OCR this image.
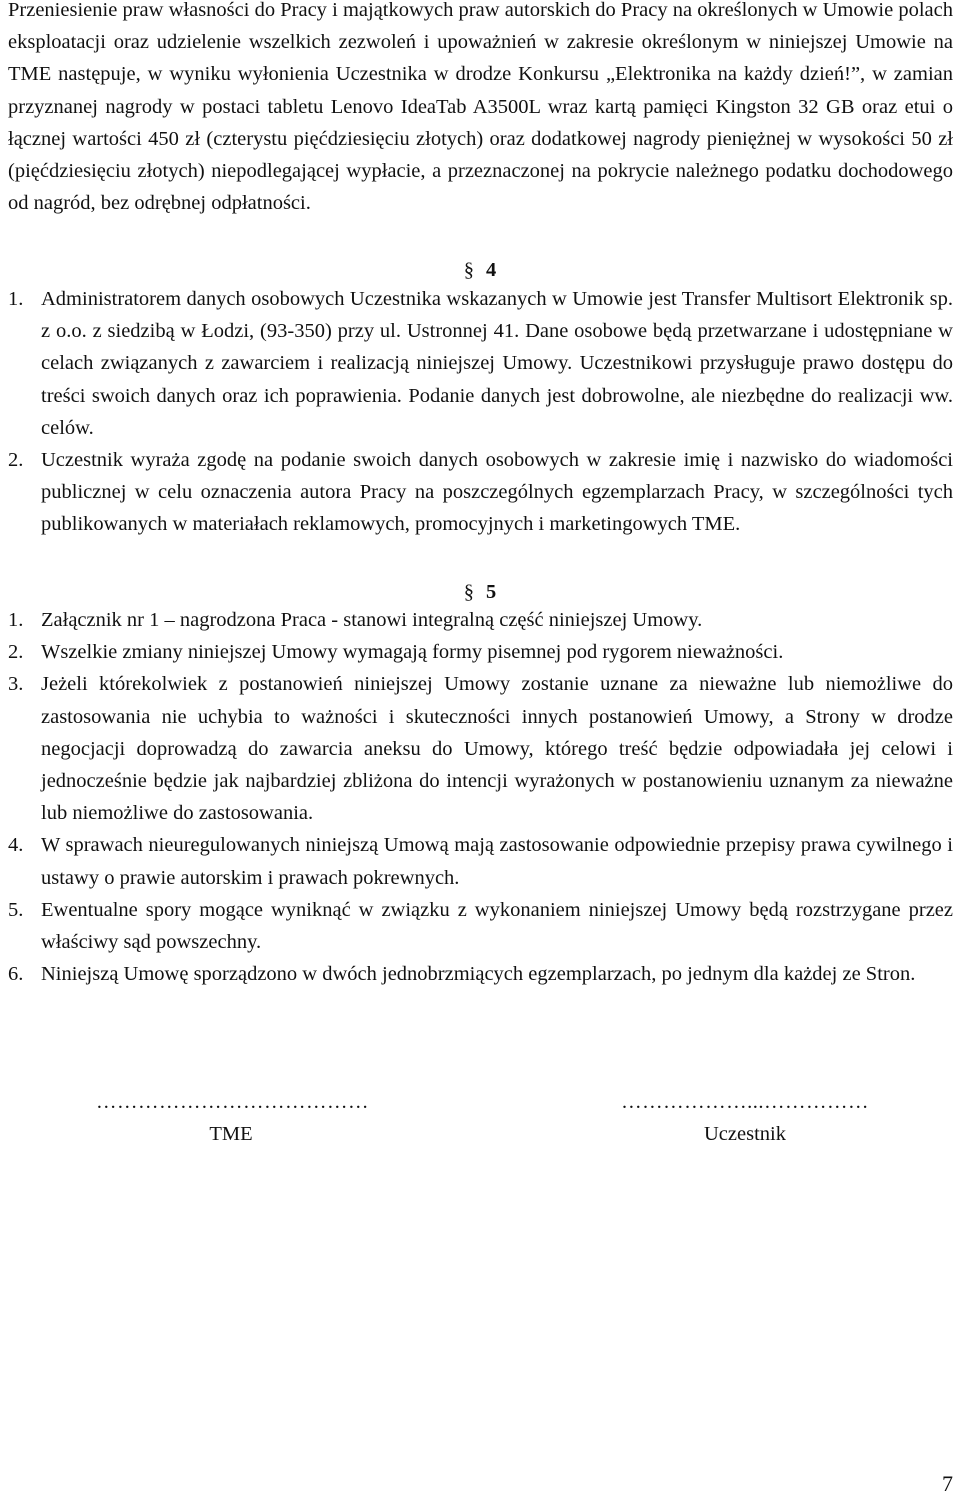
Przeniesienie praw własności do Pracy i majątkowych praw autorskich do Pracy na określonych w Umowie polach eksploatacji oraz udzielenie wszelkich zezwoleń i upoważnień w zakresie określonym w niniejszej Umowie na TME następuje, w wyniku wyłonienia Uczestnika w drodze Konkursu „Elektronika na każdy dzień!”, w zamian przyznanej nagrody w postaci tabletu Lenovo IdeaTab A3500L wraz kartą pamięci Kingston 32 GB oraz etui o łącznej wartości 450 zł (czterystu pięćdziesięciu złotych) oraz dodatkowej nagrody pieniężnej w wysokości 50 zł (pięćdziesięciu złotych) niepodlegającej wypłacie, a przeznaczonej na pokrycie należnego podatku dochodowego od nagród, bez odrębnej odpłatności.

§ 4
1. Administratorem danych osobowych Uczestnika wskazanych w Umowie jest Transfer Multisort Elektronik sp. z o.o. z siedzibą w Łodzi, (93-350) przy ul. Ustronnej 41. Dane osobowe będą przetwarzane i udostępniane w celach związanych z zawarciem i realizacją niniejszej Umowy. Uczestnikowi przysługuje prawo dostępu do treści swoich danych oraz ich poprawienia. Podanie danych jest dobrowolne, ale niezbędne do realizacji ww. celów.
2. Uczestnik wyraża zgodę na podanie swoich danych osobowych w zakresie imię i nazwisko do wiadomości publicznej w celu oznaczenia autora Pracy na poszczególnych egzemplarzach Pracy, w szczególności tych publikowanych w materiałach reklamowych, promocyjnych i marketingowych TME.
§ 5
1. Załącznik nr 1 – nagrodzona Praca - stanowi integralną część niniejszej Umowy.
2. Wszelkie zmiany niniejszej Umowy wymagają formy pisemnej pod rygorem nieważności.
3. Jeżeli którekolwiek z postanowień niniejszej Umowy zostanie uznane za nieważne lub niemożliwe do zastosowania nie uchybia to ważności i skuteczności innych postanowień Umowy, a Strony w drodze negocjacji doprowadzą do zawarcia aneksu do Umowy, którego treść będzie odpowiadała jej celowi i jednocześnie będzie jak najbardziej zbliżona do intencji wyrażonych w postanowieniu uznanym za nieważne lub niemożliwe do zastosowania.
4. W sprawach nieuregulowanych niniejszą Umową mają zastosowanie odpowiednie przepisy prawa cywilnego i ustawy o prawie autorskim i prawach pokrewnych.
5. Ewentualne spory mogące wyniknąć w związku z wykonaniem niniejszej Umowy będą rozstrzygane przez właściwy sąd powszechny.
6. Niniejszą Umowę sporządzono w dwóch jednobrzmiących egzemplarzach, po jednym dla każdej ze Stron.
…………………………………
TME
………………...……………
Uczestnik
7
